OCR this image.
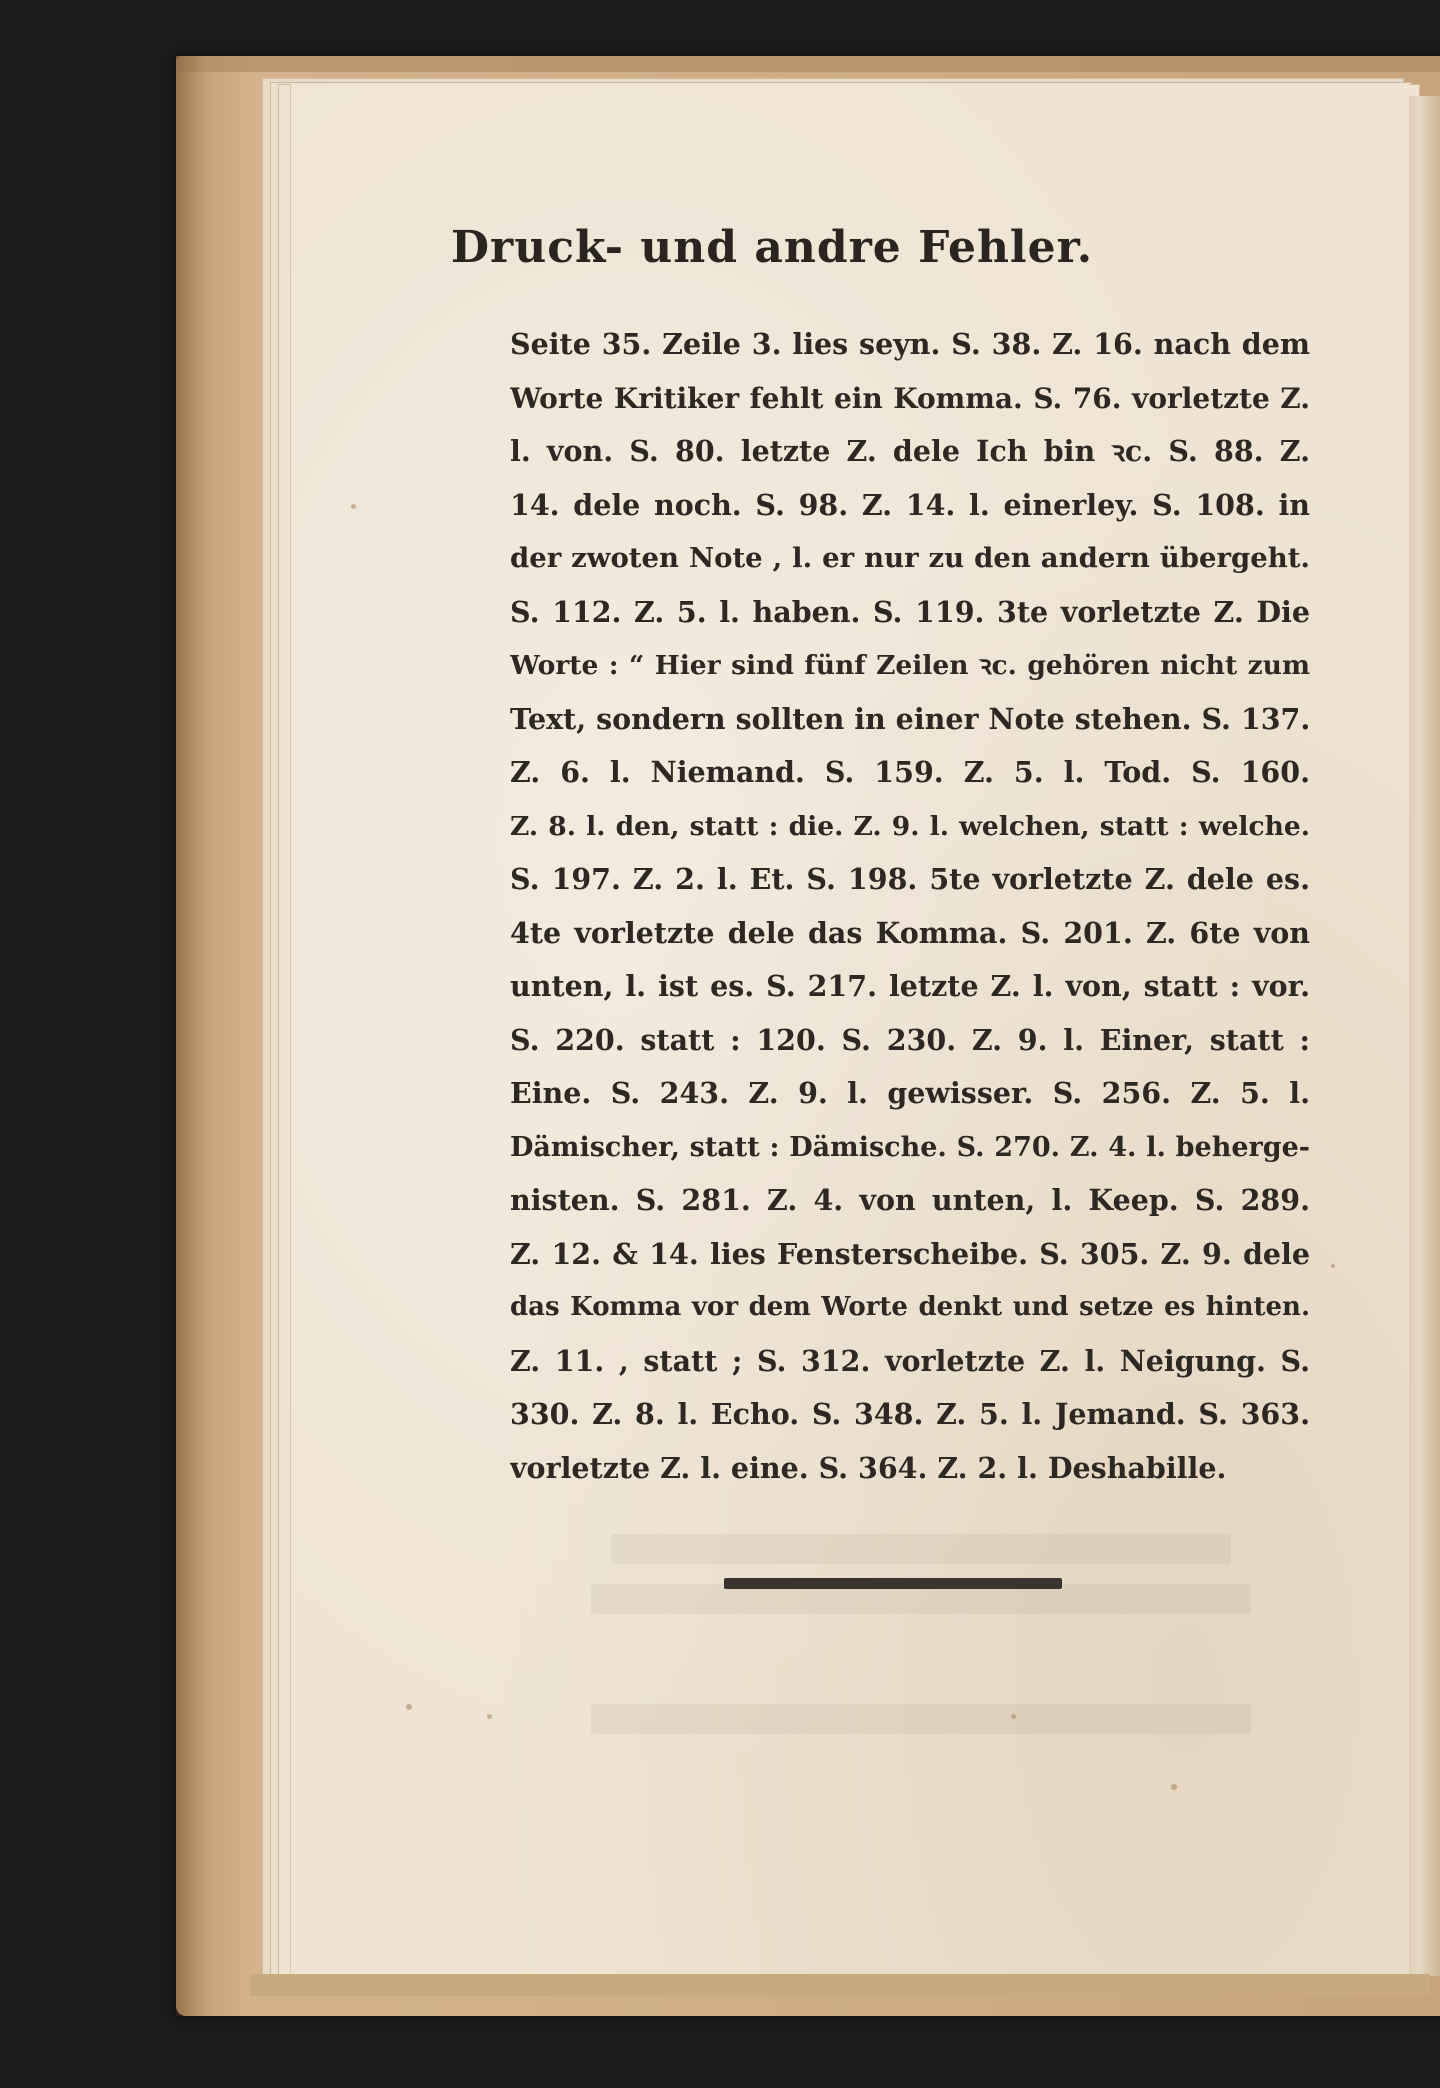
Druck- und andre Fehler.
Seite 35. Zeile 3. lies seyn. S. 38. Z. 16. nach dem
Worte Kritiker fehlt ein Komma. S. 76. vorletzte Z.
l. von. S. 80. letzte Z. dele Ich bin ꝛc. S. 88. Z.
14. dele noch. S. 98. Z. 14. l. einerley. S. 108. in
der zwoten Note , l. er nur zu den andern übergeht.
S. 112. Z. 5. l. haben. S. 119. 3te vorletzte Z. Die
Worte : “ Hier sind fünf Zeilen ꝛc. gehören nicht zum
Text, sondern sollten in einer Note stehen. S. 137.
Z. 6. l. Niemand. S. 159. Z. 5. l. Tod. S. 160.
Z. 8. l. den, statt : die. Z. 9. l. welchen, statt : welche.
S. 197. Z. 2. l. Et. S. 198. 5te vorletzte Z. dele es.
4te vorletzte dele das Komma. S. 201. Z. 6te von
unten, l. ist es. S. 217. letzte Z. l. von, statt : vor.
S. 220. statt : 120. S. 230. Z. 9. l. Einer, statt :
Eine. S. 243. Z. 9. l. gewisser. S. 256. Z. 5. l.
Dämischer, statt : Dämische. S. 270. Z. 4. l. beherge-
nisten. S. 281. Z. 4. von unten, l. Keep. S. 289.
Z. 12. & 14. lies Fensterscheibe. S. 305. Z. 9. dele
das Komma vor dem Worte denkt und setze es hinten.
Z. 11. , statt ; S. 312. vorletzte Z. l. Neigung. S.
330. Z. 8. l. Echo. S. 348. Z. 5. l. Jemand. S. 363.
vorletzte Z. l. eine. S. 364. Z. 2. l. Deshabille.
